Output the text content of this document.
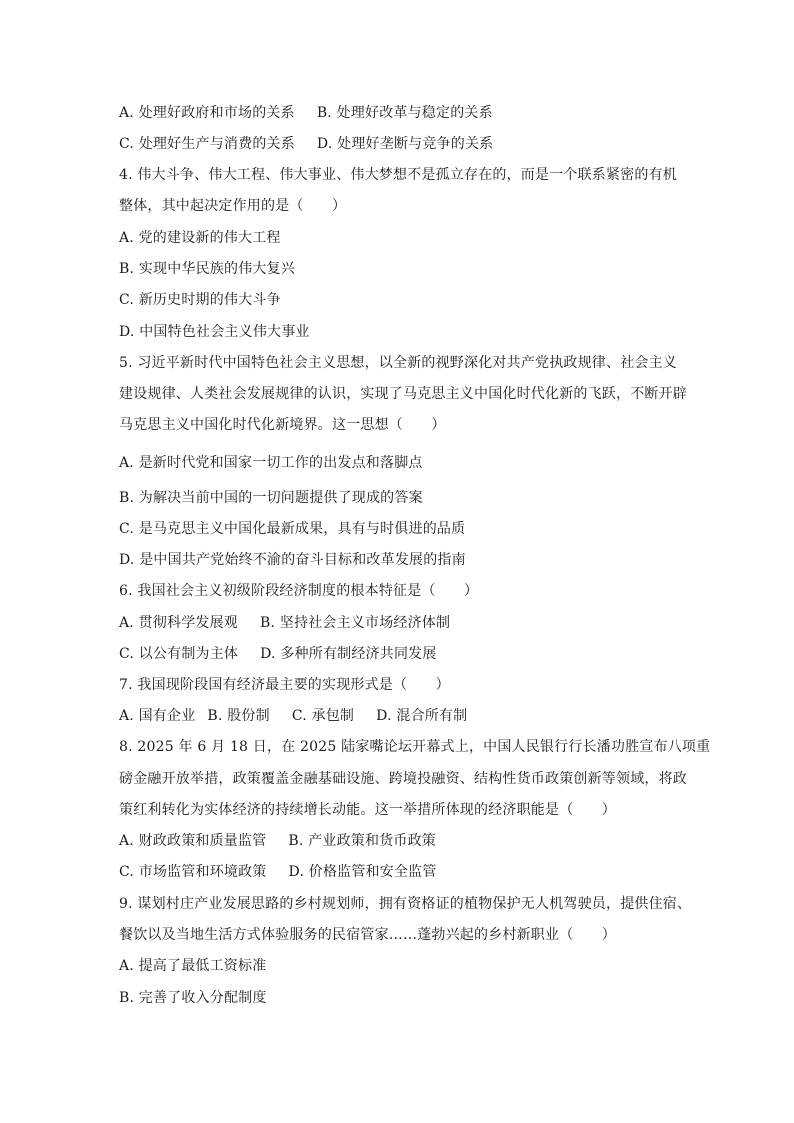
A. 处理好政府和市场的关系 B. 处理好改革与稳定的关系
C. 处理好生产与消费的关系 D. 处理好垄断与竞争的关系
4. 伟大斗争、伟大工程、伟大事业、伟大梦想不是孤立存在的，而是一个联系紧密的有机
整体，其中起决定作用的是（　　）
A. 党的建设新的伟大工程
B. 实现中华民族的伟大复兴
C. 新历史时期的伟大斗争
D. 中国特色社会主义伟大事业
5. 习近平新时代中国特色社会主义思想，以全新的视野深化对共产党执政规律、社会主义
建设规律、人类社会发展规律的认识，实现了马克思主义中国化时代化新的飞跃，不断开辟
马克思主义中国化时代化新境界。这一思想（　　）
A. 是新时代党和国家一切工作的出发点和落脚点
B. 为解决当前中国的一切问题提供了现成的答案
C. 是马克思主义中国化最新成果，具有与时俱进的品质
D. 是中国共产党始终不渝的奋斗目标和改革发展的指南
6. 我国社会主义初级阶段经济制度的根本特征是（　　）
A. 贯彻科学发展观 B. 坚持社会主义市场经济体制
C. 以公有制为主体 D. 多种所有制经济共同发展
7. 我国现阶段国有经济最主要的实现形式是（　　）
A. 国有企业 B. 股份制 C. 承包制 D. 混合所有制
8. 2025 年 6 月 18 日，在 2025 陆家嘴论坛开幕式上，中国人民银行行长潘功胜宣布八项重
磅金融开放举措，政策覆盖金融基础设施、跨境投融资、结构性货币政策创新等领域，将政
策红利转化为实体经济的持续增长动能。这一举措所体现的经济职能是（　　）
A. 财政政策和质量监管 B. 产业政策和货币政策
C. 市场监管和环境政策 D. 价格监管和安全监管
9. 谋划村庄产业发展思路的乡村规划师，拥有资格证的植物保护无人机驾驶员，提供住宿、
餐饮以及当地生活方式体验服务的民宿管家……蓬勃兴起的乡村新职业（　　）
A. 提高了最低工资标准
B. 完善了收入分配制度
